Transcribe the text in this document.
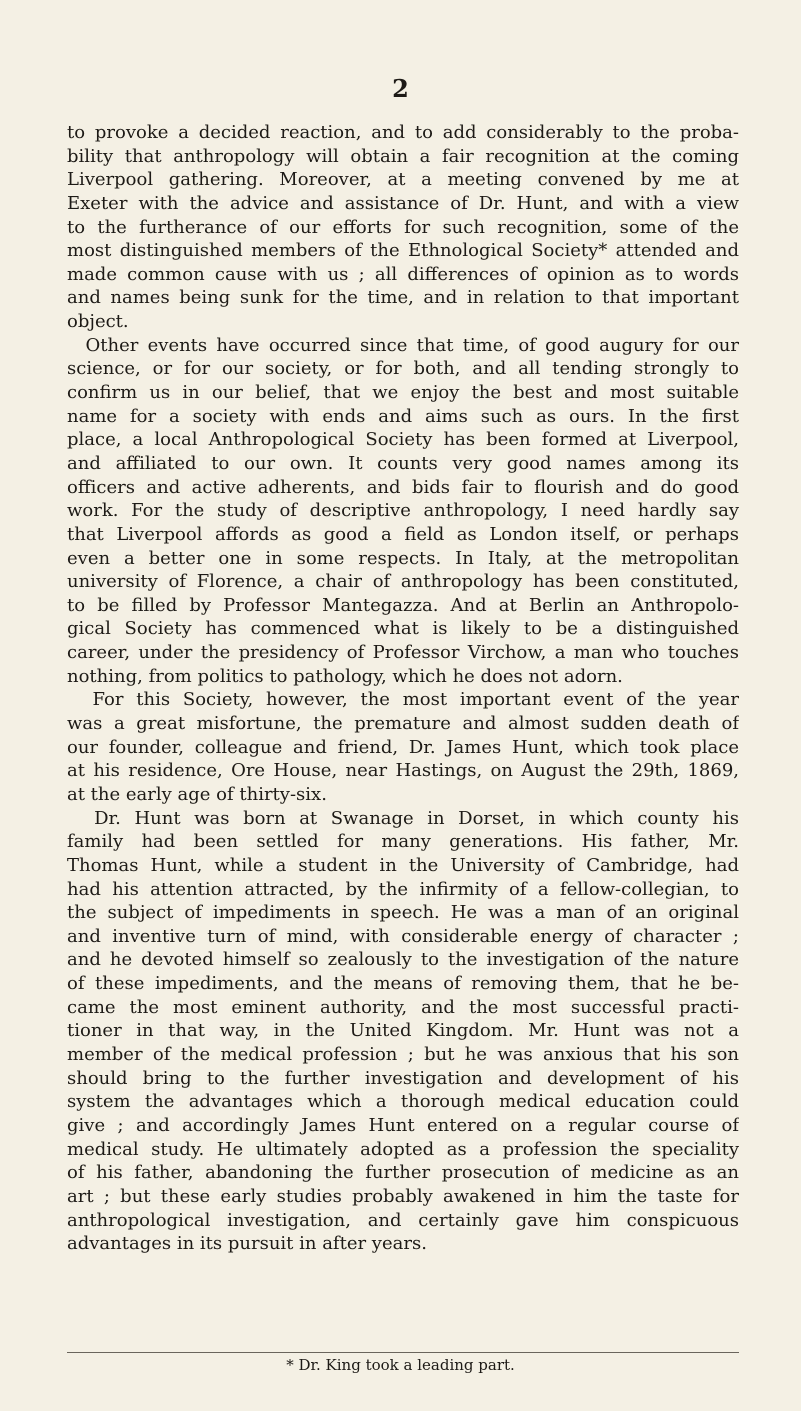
2
to provoke a decided reaction, and to add considerably to the proba-
bility that anthropology will obtain a fair recognition at the coming
Liverpool gathering. Moreover, at a meeting convened by me at
Exeter with the advice and assistance of Dr. Hunt, and with a view
to the furtherance of our efforts for such recognition, some of the
most distinguished members of the Ethnological Society* attended and
made common cause with us ; all differences of opinion as to words
and names being sunk for the time, and in relation to that important
object.
Other events have occurred since that time, of good augury for our
science, or for our society, or for both, and all tending strongly to
confirm us in our belief, that we enjoy the best and most suitable
name for a society with ends and aims such as ours. In the first
place, a local Anthropological Society has been formed at Liverpool,
and affiliated to our own. It counts very good names among its
officers and active adherents, and bids fair to flourish and do good
work. For the study of descriptive anthropology, I need hardly say
that Liverpool affords as good a field as London itself, or perhaps
even a better one in some respects. In Italy, at the metropolitan
university of Florence, a chair of anthropology has been constituted,
to be filled by Professor Mantegazza. And at Berlin an Anthropolo-
gical Society has commenced what is likely to be a distinguished
career, under the presidency of Professor Virchow, a man who touches
nothing, from politics to pathology, which he does not adorn.
For this Society, however, the most important event of the year
was a great misfortune, the premature and almost sudden death of
our founder, colleague and friend, Dr. James Hunt, which took place
at his residence, Ore House, near Hastings, on August the 29th, 1869,
at the early age of thirty-six.
Dr. Hunt was born at Swanage in Dorset, in which county his
family had been settled for many generations. His father, Mr.
Thomas Hunt, while a student in the University of Cambridge, had
had his attention attracted, by the infirmity of a fellow-collegian, to
the subject of impediments in speech. He was a man of an original
and inventive turn of mind, with considerable energy of character ;
and he devoted himself so zealously to the investigation of the nature
of these impediments, and the means of removing them, that he be-
came the most eminent authority, and the most successful practi-
tioner in that way, in the United Kingdom. Mr. Hunt was not a
member of the medical profession ; but he was anxious that his son
should bring to the further investigation and development of his
system the advantages which a thorough medical education could
give ; and accordingly James Hunt entered on a regular course of
medical study. He ultimately adopted as a profession the speciality
of his father, abandoning the further prosecution of medicine as an
art ; but these early studies probably awakened in him the taste for
anthropological investigation, and certainly gave him conspicuous
advantages in its pursuit in after years.
* Dr. King took a leading part.
